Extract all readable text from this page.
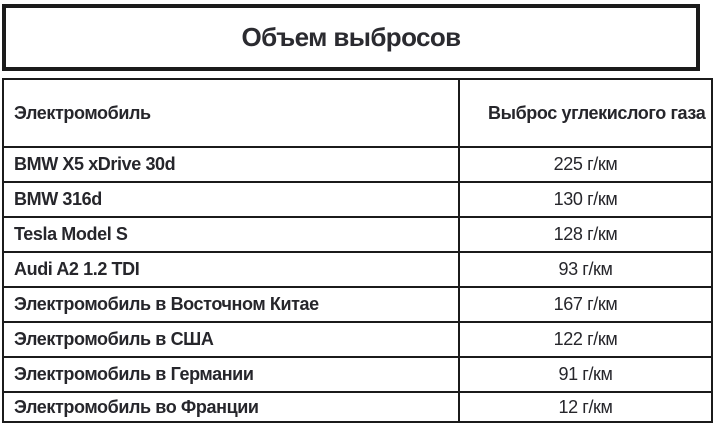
Объем выбросов
Электромобиль	Выброс углекислого газа
BMW X5 xDrive 30d	225 г/км
BMW 316d	130 г/км
Tesla Model S	128 г/км
Audi A2 1.2 TDI	93 г/км
Электромобиль в Восточном Китае	167 г/км
Электромобиль в США	122 г/км
Электромобиль в Германии	91 г/км
Электромобиль во Франции	12 г/км
